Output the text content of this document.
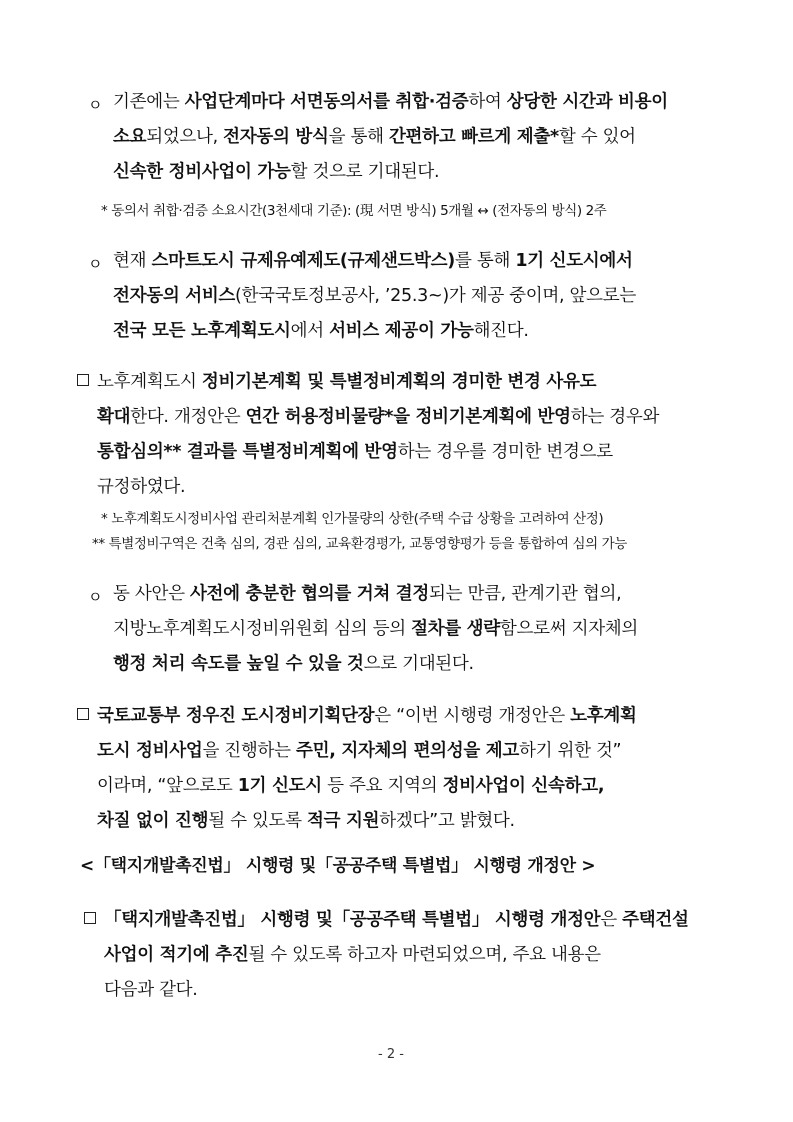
ㅇ 기존에는 사업단계마다 서면동의서를 취합·검증하여 상당한 시간과 비용이
소요되었으나, 전자동의 방식을 통해 간편하고 빠르게 제출*할 수 있어
신속한 정비사업이 가능할 것으로 기대된다.
* 동의서 취합·검증 소요시간(3천세대 기준): (現 서면 방식) 5개월 ↔ (전자동의 방식) 2주
ㅇ 현재 스마트도시 규제유예제도(규제샌드박스)를 통해 1기 신도시에서
전자동의 서비스(한국국토정보공사, ’25.3~)가 제공 중이며, 앞으로는
전국 모든 노후계획도시에서 서비스 제공이 가능해진다.
노후계획도시 정비기본계획 및 특별정비계획의 경미한 변경 사유도
확대한다. 개정안은 연간 허용정비물량*을 정비기본계획에 반영하는 경우와
통합심의** 결과를 특별정비계획에 반영하는 경우를 경미한 변경으로
규정하였다.
* 노후계획도시정비사업 관리처분계획 인가물량의 상한(주택 수급 상황을 고려하여 산정)
** 특별정비구역은 건축 심의, 경관 심의, 교육환경평가, 교통영향평가 등을 통합하여 심의 가능
ㅇ 동 사안은 사전에 충분한 협의를 거쳐 결정되는 만큼, 관계기관 협의,
지방노후계획도시정비위원회 심의 등의 절차를 생략함으로써 지자체의
행정 처리 속도를 높일 수 있을 것으로 기대된다.
국토교통부 정우진 도시정비기획단장은 “이번 시행령 개정안은 노후계획
도시 정비사업을 진행하는 주민, 지자체의 편의성을 제고하기 위한 것”
이라며, “앞으로도 1기 신도시 등 주요 지역의 정비사업이 신속하고,
차질 없이 진행될 수 있도록 적극 지원하겠다”고 밝혔다.
<「택지개발촉진법」 시행령 및「공공주택 특별법」 시행령 개정안 >
「택지개발촉진법」 시행령 및「공공주택 특별법」 시행령 개정안은 주택건설
사업이 적기에 추진될 수 있도록 하고자 마련되었으며, 주요 내용은
다음과 같다.
- 2 -
